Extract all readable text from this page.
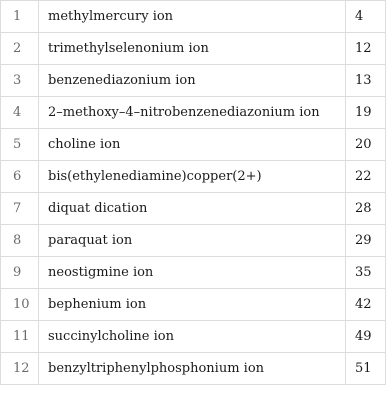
1	methylmercury ion	4
2	trimethylselenonium ion	12
3	benzenediazonium ion	13
4	2–methoxy–4–nitrobenzenediazonium ion	19
5	choline ion	20
6	bis(ethylenediamine)copper(2+)	22
7	diquat dication	28
8	paraquat ion	29
9	neostigmine ion	35
10	bephenium ion	42
11	succinylcholine ion	49
12	benzyltriphenylphosphonium ion	51
